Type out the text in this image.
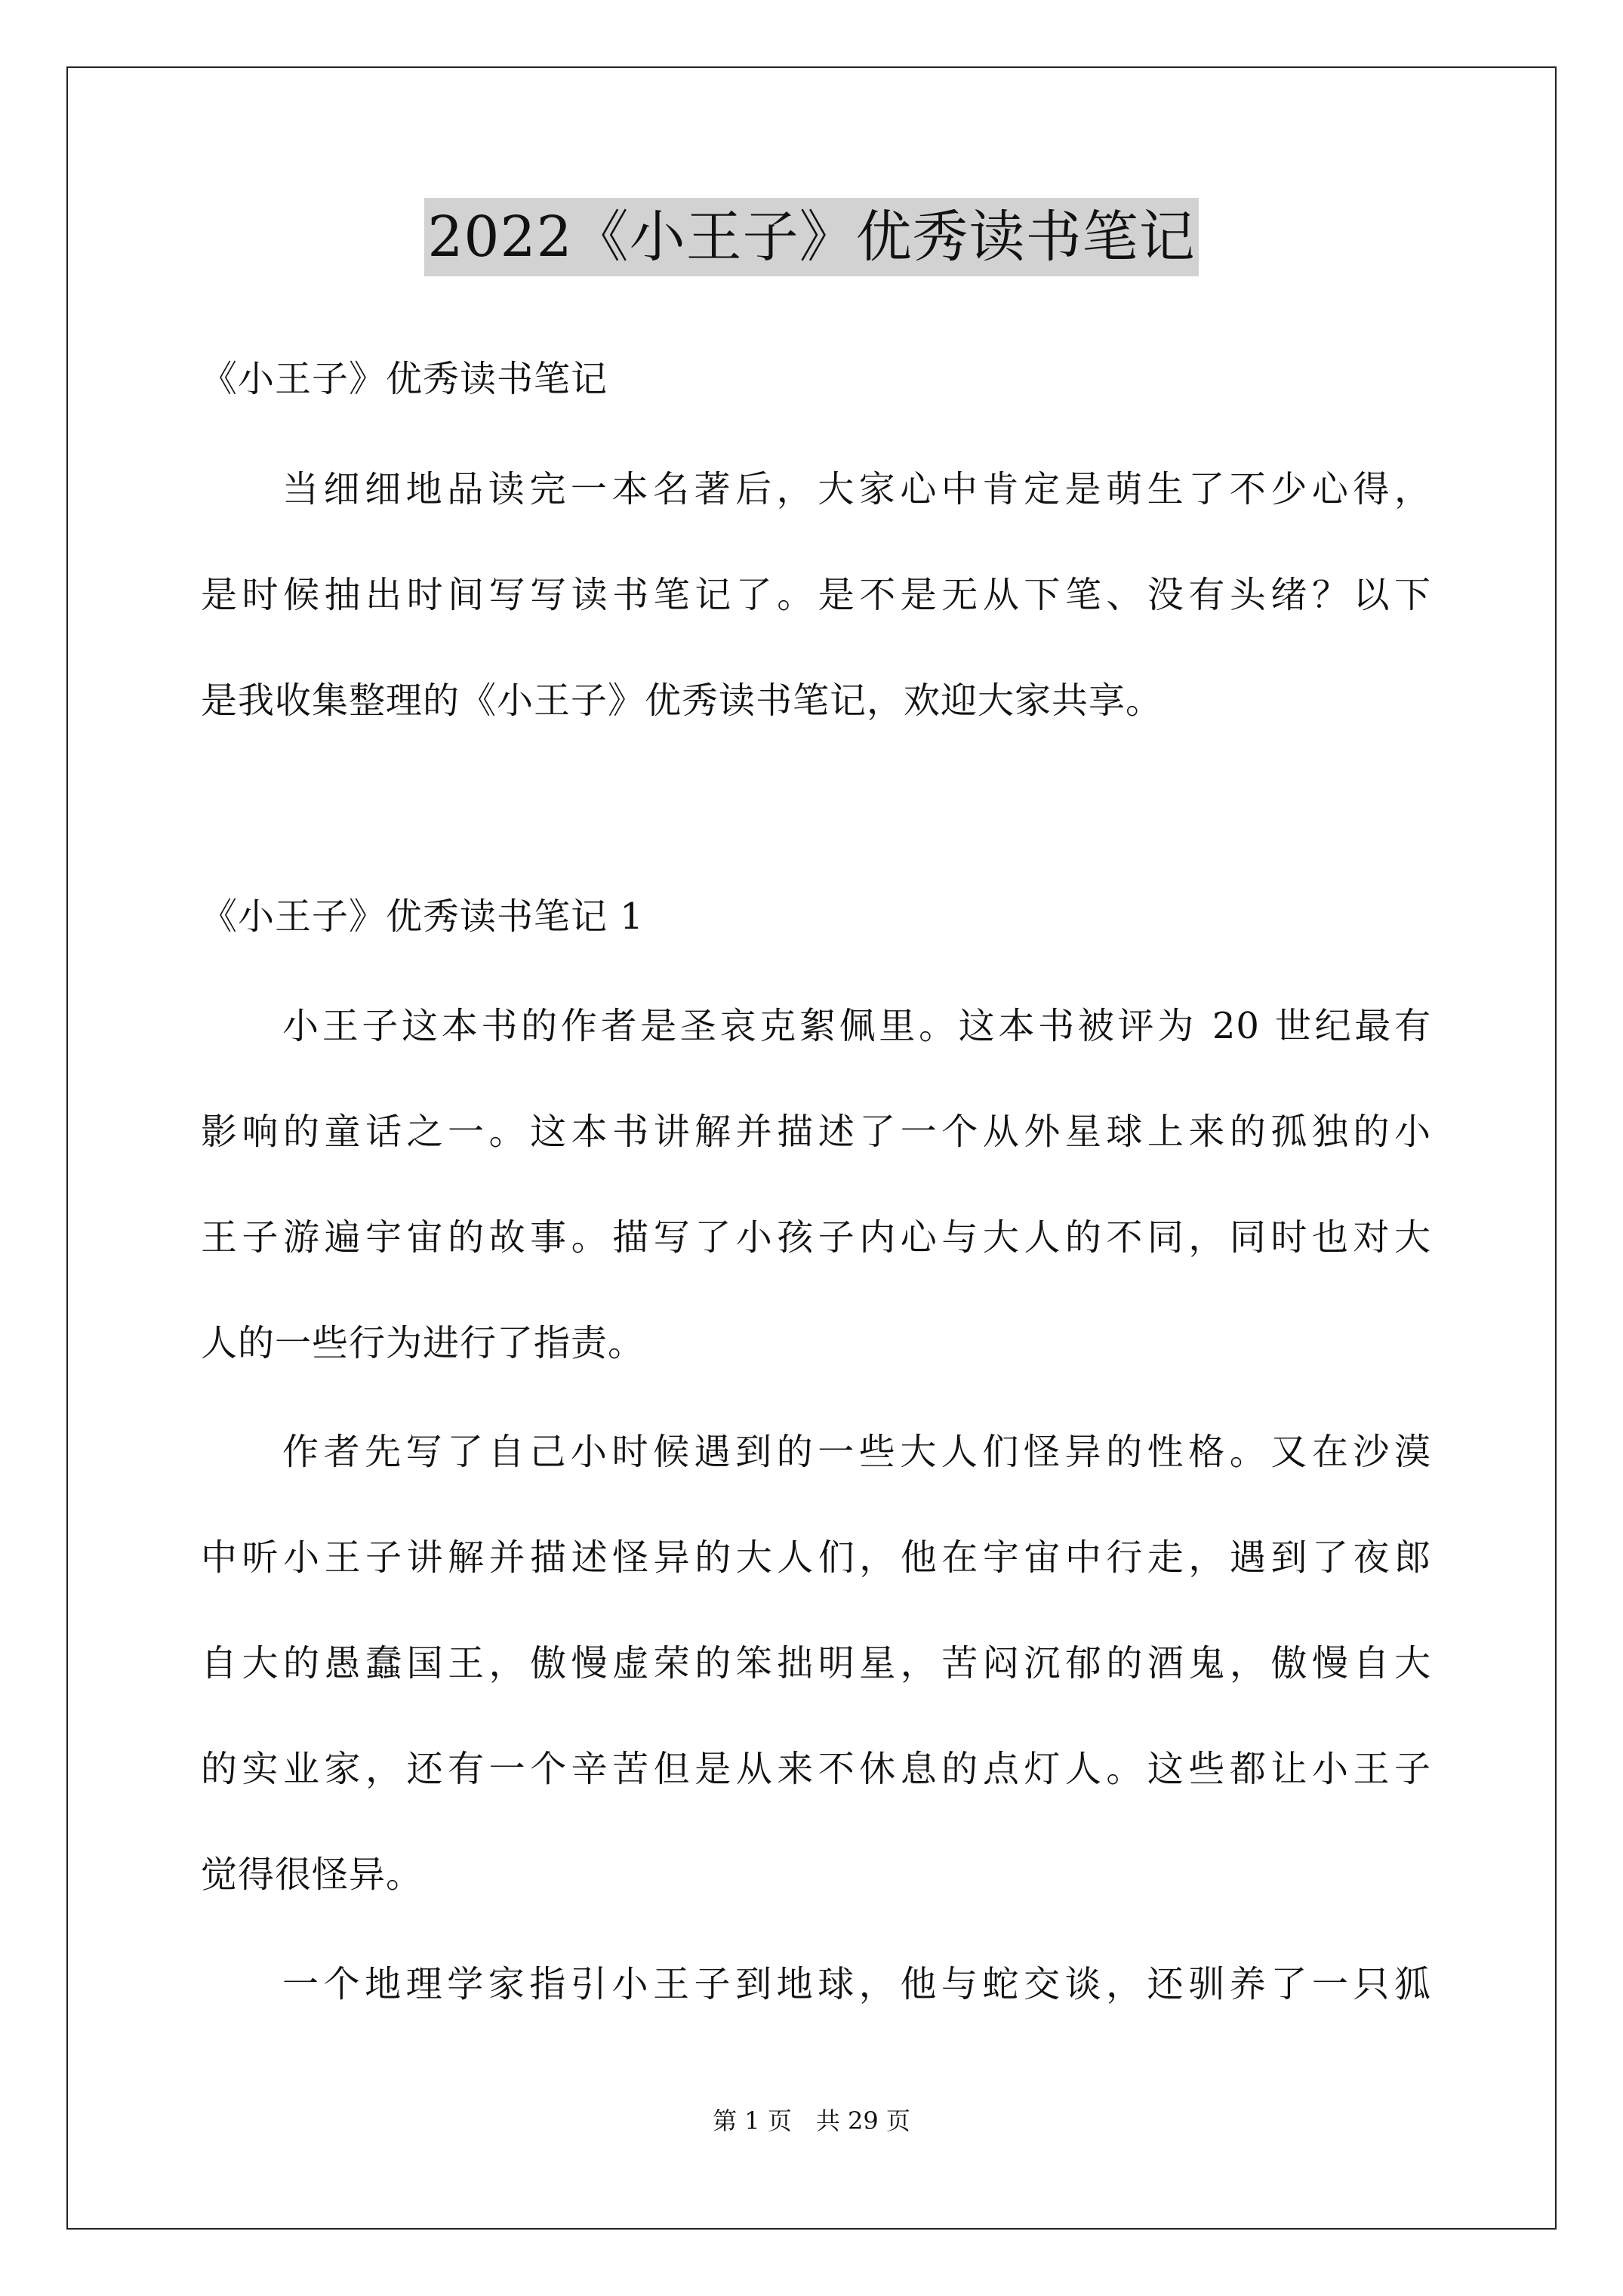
2022《小王子》优秀读书笔记
《小王子》优秀读书笔记
当细细地品读完一本名著后，大家心中肯定是萌生了不少心得，
是时候抽出时间写写读书笔记了。是不是无从下笔、没有头绪？以下
是我收集整理的《小王子》优秀读书笔记，欢迎大家共享。
《小王子》优秀读书笔记 1
小王子这本书的作者是圣哀克絮佩里。这本书被评为 20 世纪最有
影响的童话之一。这本书讲解并描述了一个从外星球上来的孤独的小
王子游遍宇宙的故事。描写了小孩子内心与大人的不同，同时也对大
人的一些行为进行了指责。
作者先写了自己小时候遇到的一些大人们怪异的性格。又在沙漠
中听小王子讲解并描述怪异的大人们，他在宇宙中行走，遇到了夜郎
自大的愚蠢国王，傲慢虚荣的笨拙明星，苦闷沉郁的酒鬼，傲慢自大
的实业家，还有一个辛苦但是从来不休息的点灯人。这些都让小王子
觉得很怪异。
一个地理学家指引小王子到地球，他与蛇交谈，还驯养了一只狐
第 1 页　共 29 页
